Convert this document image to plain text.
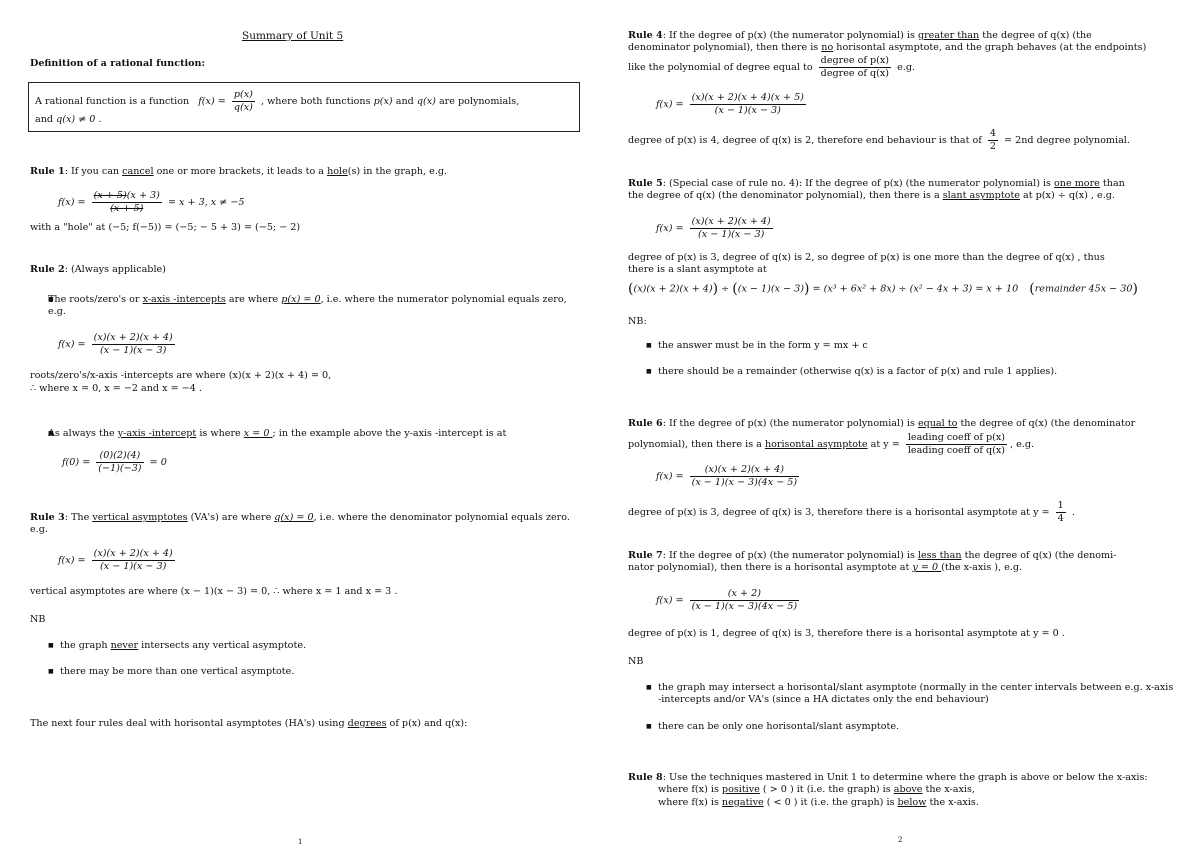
Summary of Unit 5
Definition of a rational function:
A rational function is a function $f(x) = \frac{p(x)}{q(x)}$ , where both functions p(x) and q(x) are polynomials,
and q(x) ≠ 0 .
Rule 1: If you can cancel one or more brackets, it leads to a hole(s) in the graph, e.g.
$f(x) = \frac{(x + 5)(x + 3)}{(x + 5)} = x + 3$, x ≠ −5
with a "hole" at (−5; f(−5)) = (−5; − 5 + 3) = (−5; − 2)
Rule 2: (Always applicable)
■ The roots/zero's or x-axis -intercepts are where p(x) = 0, i.e. where the numerator polynomial equals zero, e.g.
$f(x) = \frac{(x)(x + 2)(x + 4)}{(x - 1)(x - 3)}$
roots/zero's/x-axis -intercepts are where (x)(x + 2)(x + 4) = 0,
∴ where x = 0, x = −2 and x = −4 .
■ As always the y-axis -intercept is where x = 0 ; in the example above the y-axis -intercept is at
$f(0) = \frac{(0)(2)(4)}{(-1)(-3)} = 0$
Rule 3: The vertical asymptotes (VA's) are where q(x) = 0, i.e. where the denominator polynomial equals zero. e.g.
$f(x) = \frac{(x)(x + 2)(x + 4)}{(x - 1)(x - 3)}$
vertical asymptotes are where (x − 1)(x − 3) = 0, ∴ where x = 1 and x = 3 .
NB
■ the graph never intersects any vertical asymptote.
■ there may be more than one vertical asymptote.
The next four rules deal with horisontal asymptotes (HA's) using degrees of p(x) and q(x):
1
Rule 4: If the degree of p(x) (the numerator polynomial) is greater than the degree of q(x) (the
denominator polynomial), then there is no horisontal asymptote, and the graph behaves (at the endpoints)
like the polynomial of degree equal to $\frac{\text{degree of p(x)}}{\text{degree of q(x)}} e.g$.
$f(x) = \frac{(x)(x + 2)(x + 4)(x + 5)}{(x - 1)(x - 3)}$
degree of p(x) is 4, degree of q(x) is 2, therefore end behaviour is that of $\frac{4}{2} = 2nd$ degree polynomial.
Rule 5: (Special case of rule no. 4): If the degree of p(x) (the numerator polynomial) is one more than
the degree of q(x) (the denominator polynomial), then there is a slant asymptote at p(x) ÷ q(x) , e.g.
$f(x) = \frac{(x)(x + 2)(x + 4)}{(x - 1)(x - 3)}$
degree of p(x) is 3, degree of q(x) is 2, so degree of p(x) is one more than the degree of q(x) , thus
there is a slant asymptote at
((x)(x + 2)(x + 4)) ÷ ((x − 1)(x − 3)) = (x³ + 6x² + 8x) ÷ (x² − 4x + 3) = x + 10 (remainder 45x − 30)
NB:
■ the answer must be in the form y = mx + c
■ there should be a remainder (otherwise q(x) is a factor of p(x) and rule 1 applies).
Rule 6: If the degree of p(x) (the numerator polynomial) is equal to the degree of q(x) (the denominator
polynomial), then there is a horisontal asymptote at $y = \frac{\text{leading coeff of p(x)}}{\text{leading coeff of q(x)}}$ , e.g.
$f(x) = \frac{(x)(x + 2)(x + 4)}{(x - 1)(x - 3)(4x - 5)}$
degree of p(x) is 3, degree of q(x) is 3, therefore there is a horisontal asymptote at $y = \frac{1}{4}$ .
Rule 7: If the degree of p(x) (the numerator polynomial) is less than the degree of q(x) (the denomi-
nator polynomial), then there is a horisontal asymptote at y = 0 (the x-axis ), e.g.
$f(x) = \frac{(x + 2)}{(x - 1)(x - 3)(4x - 5)}$
degree of p(x) is 1, degree of q(x) is 3, therefore there is a horisontal asymptote at y = 0 .
NB
■ the graph may intersect a horisontal/slant asymptote (normally in the center intervals between e.g. x-axis -intercepts and/or VA's (since a HA dictates only the end behaviour)
■ there can be only one horisontal/slant asymptote.
Rule 8: Use the techniques mastered in Unit 1 to determine where the graph is above or below the x-axis:
where f(x) is positive ( > 0 ) it (i.e. the graph) is above the x-axis,
where f(x) is negative ( < 0 ) it (i.e. the graph) is below the x-axis.
2
